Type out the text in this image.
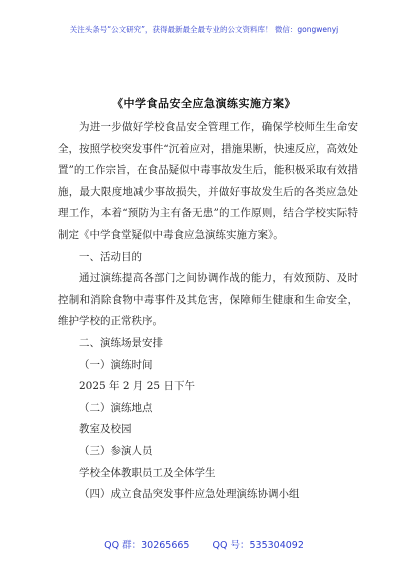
关注头条号“公文研究”，获得最新最全最专业的公文资料库！ 微信：gongwenyj
《中学食品安全应急演练实施方案》

为进一步做好学校食品安全管理工作，确保学校师生生命安全，按照学校突发事件“沉着应对，措施果断，快速反应，高效处置”的工作宗旨，在食品疑似中毒事故发生后，能积极采取有效措施，最大限度地减少事故损失，并做好事故发生后的各类应急处理工作，本着“预防为主有备无患”的工作原则，结合学校实际特制定《中学食堂疑似中毒食应急演练实施方案》。

一、活动目的

通过演练提高各部门之间协调作战的能力，有效预防、及时控制和消除食物中毒事件及其危害，保障师生健康和生命安全，维护学校的正常秩序。

二、演练场景安排

（一）演练时间

2025 年 2 月 25 日下午

（二）演练地点

教室及校园

（三）参演人员

学校全体教职员工及全体学生

（四）成立食品突发事件应急处理演练协调小组

QQ 群：30265665 QQ 号：535304092
